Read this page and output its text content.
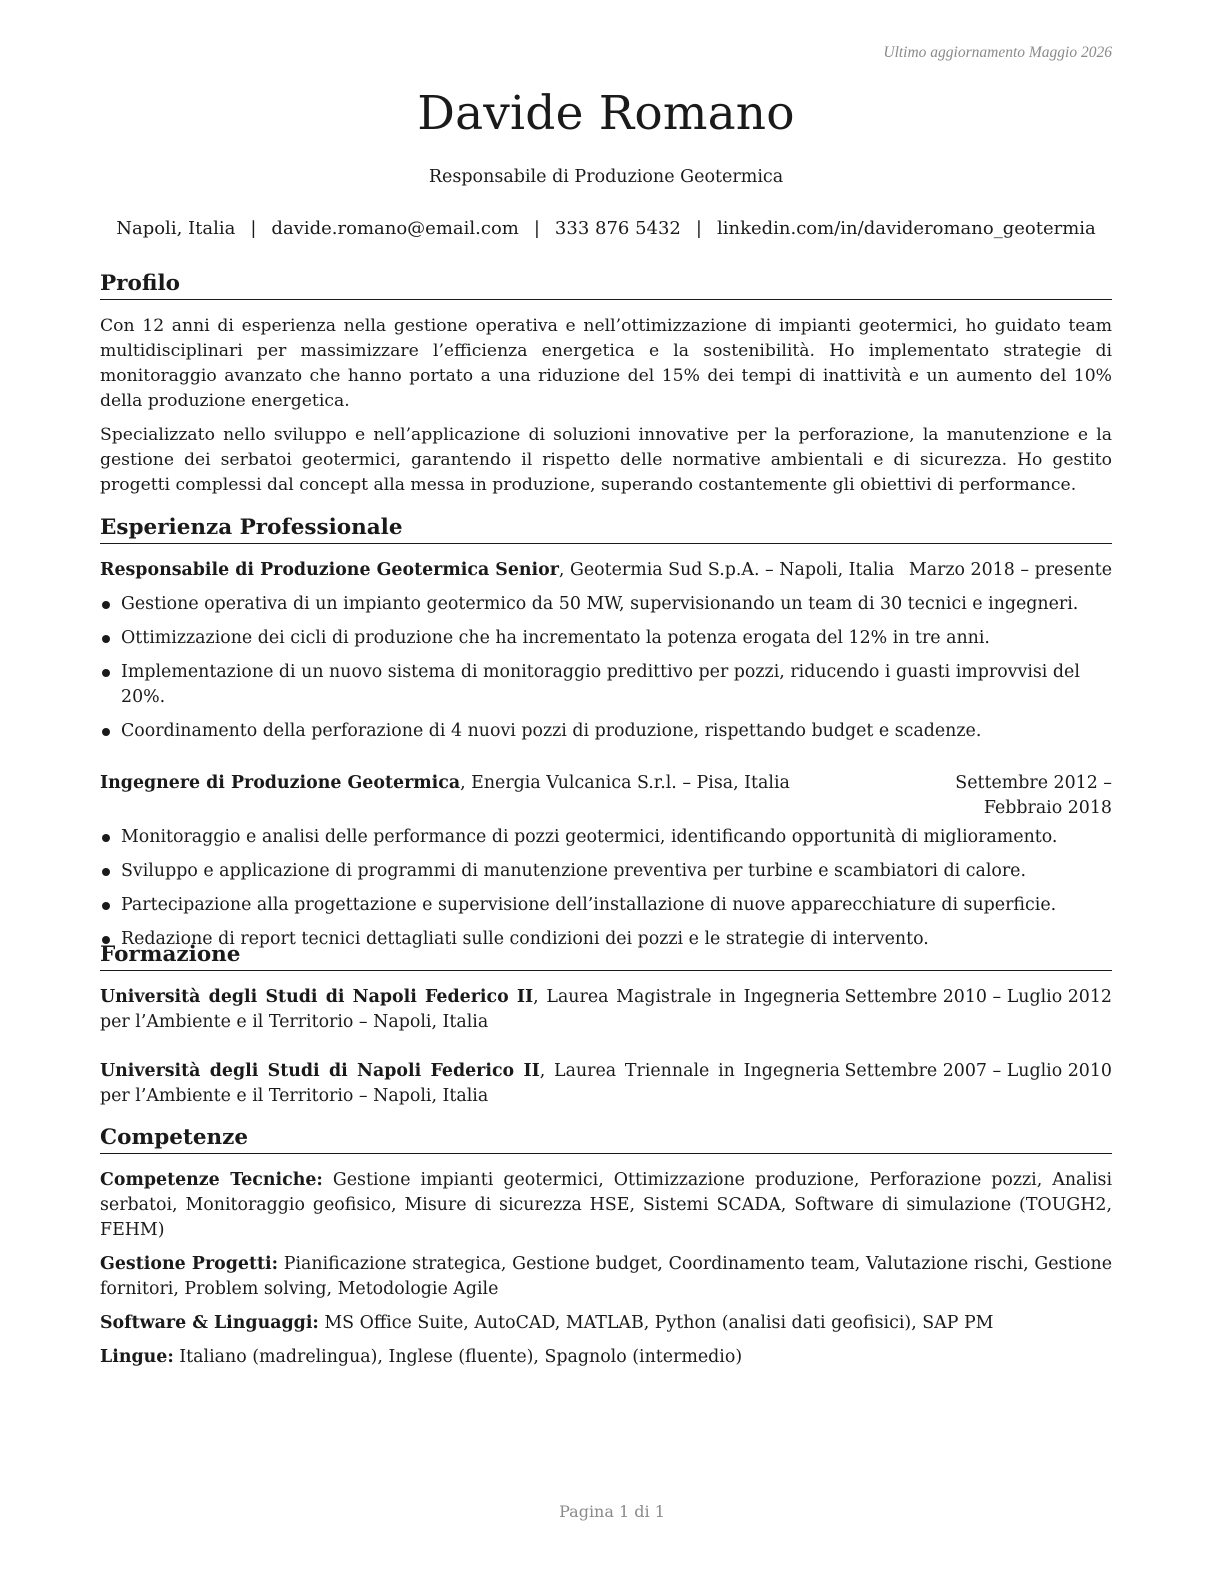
Ultimo aggiornamento Maggio 2026
Davide Romano
Responsabile di Produzione Geotermica
Napoli, Italia | davide.romano@email.com | 333 876 5432 | linkedin.com/in/davideromano_geotermia
Profilo

Con 12 anni di esperienza nella gestione operativa e nell’ottimizzazione di impianti geotermici, ho guidato team multidisciplinari per massimizzare l’efficienza energetica e la sostenibilità. Ho implementato strategie di monitoraggio avanzato che hanno portato a una riduzione del 15% dei tempi di inattività e un aumento del 10% della produzione energetica.

Specializzato nello sviluppo e nell’applicazione di soluzioni innovative per la perforazione, la manutenzione e la gestione dei serbatoi geotermici, garantendo il rispetto delle normative ambientali e di sicurezza. Ho gestito progetti complessi dal concept alla messa in produzione, superando costantemente gli obiettivi di performance.

Esperienza Professionale
Responsabile di Produzione Geotermica Senior, Geotermia Sud S.p.A. – Napoli, Italia Marzo 2018 – presente
Gestione operativa di un impianto geotermico da 50 MW, supervisionando un team di 30 tecnici e ingegneri.
Ottimizzazione dei cicli di produzione che ha incrementato la potenza erogata del 12% in tre anni.
Implementazione di un nuovo sistema di monitoraggio predittivo per pozzi, riducendo i guasti improvvisi del 20%.
Coordinamento della perforazione di 4 nuovi pozzi di produzione, rispettando budget e scadenze.
Ingegnere di Produzione Geotermica, Energia Vulcanica S.r.l. – Pisa, Italia	Settembre 2012 – Febbraio 2018
Monitoraggio e analisi delle performance di pozzi geotermici, identificando opportunità di miglioramento.
Sviluppo e applicazione di programmi di manutenzione preventiva per turbine e scambiatori di calore.
Partecipazione alla progettazione e supervisione dell’installazione di nuove apparecchiature di superficie.
Redazione di report tecnici dettagliati sulle condizioni dei pozzi e le strategie di intervento.
Formazione
Università degli Studi di Napoli Federico II, Laurea Magistrale in Ingegneria per l’Ambiente e il Territorio – Napoli, Italia
Settembre 2010 – Luglio 2012
Università degli Studi di Napoli Federico II, Laurea Triennale in Ingegneria per l’Ambiente e il Territorio – Napoli, Italia
Settembre 2007 – Luglio 2010
Competenze

Competenze Tecniche: Gestione impianti geotermici, Ottimizzazione produzione, Perforazione pozzi, Analisi serbatoi, Monitoraggio geofisico, Misure di sicurezza HSE, Sistemi SCADA, Software di simulazione (TOUGH2, FEHM)

Gestione Progetti: Pianificazione strategica, Gestione budget, Coordinamento team, Valutazione rischi, Gestione fornitori, Problem solving, Metodologie Agile

Software & Linguaggi: MS Office Suite, AutoCAD, MATLAB, Python (analisi dati geofisici), SAP PM

Lingue: Italiano (madrelingua), Inglese (fluente), Spagnolo (intermedio)

Pagina 1 di 1
